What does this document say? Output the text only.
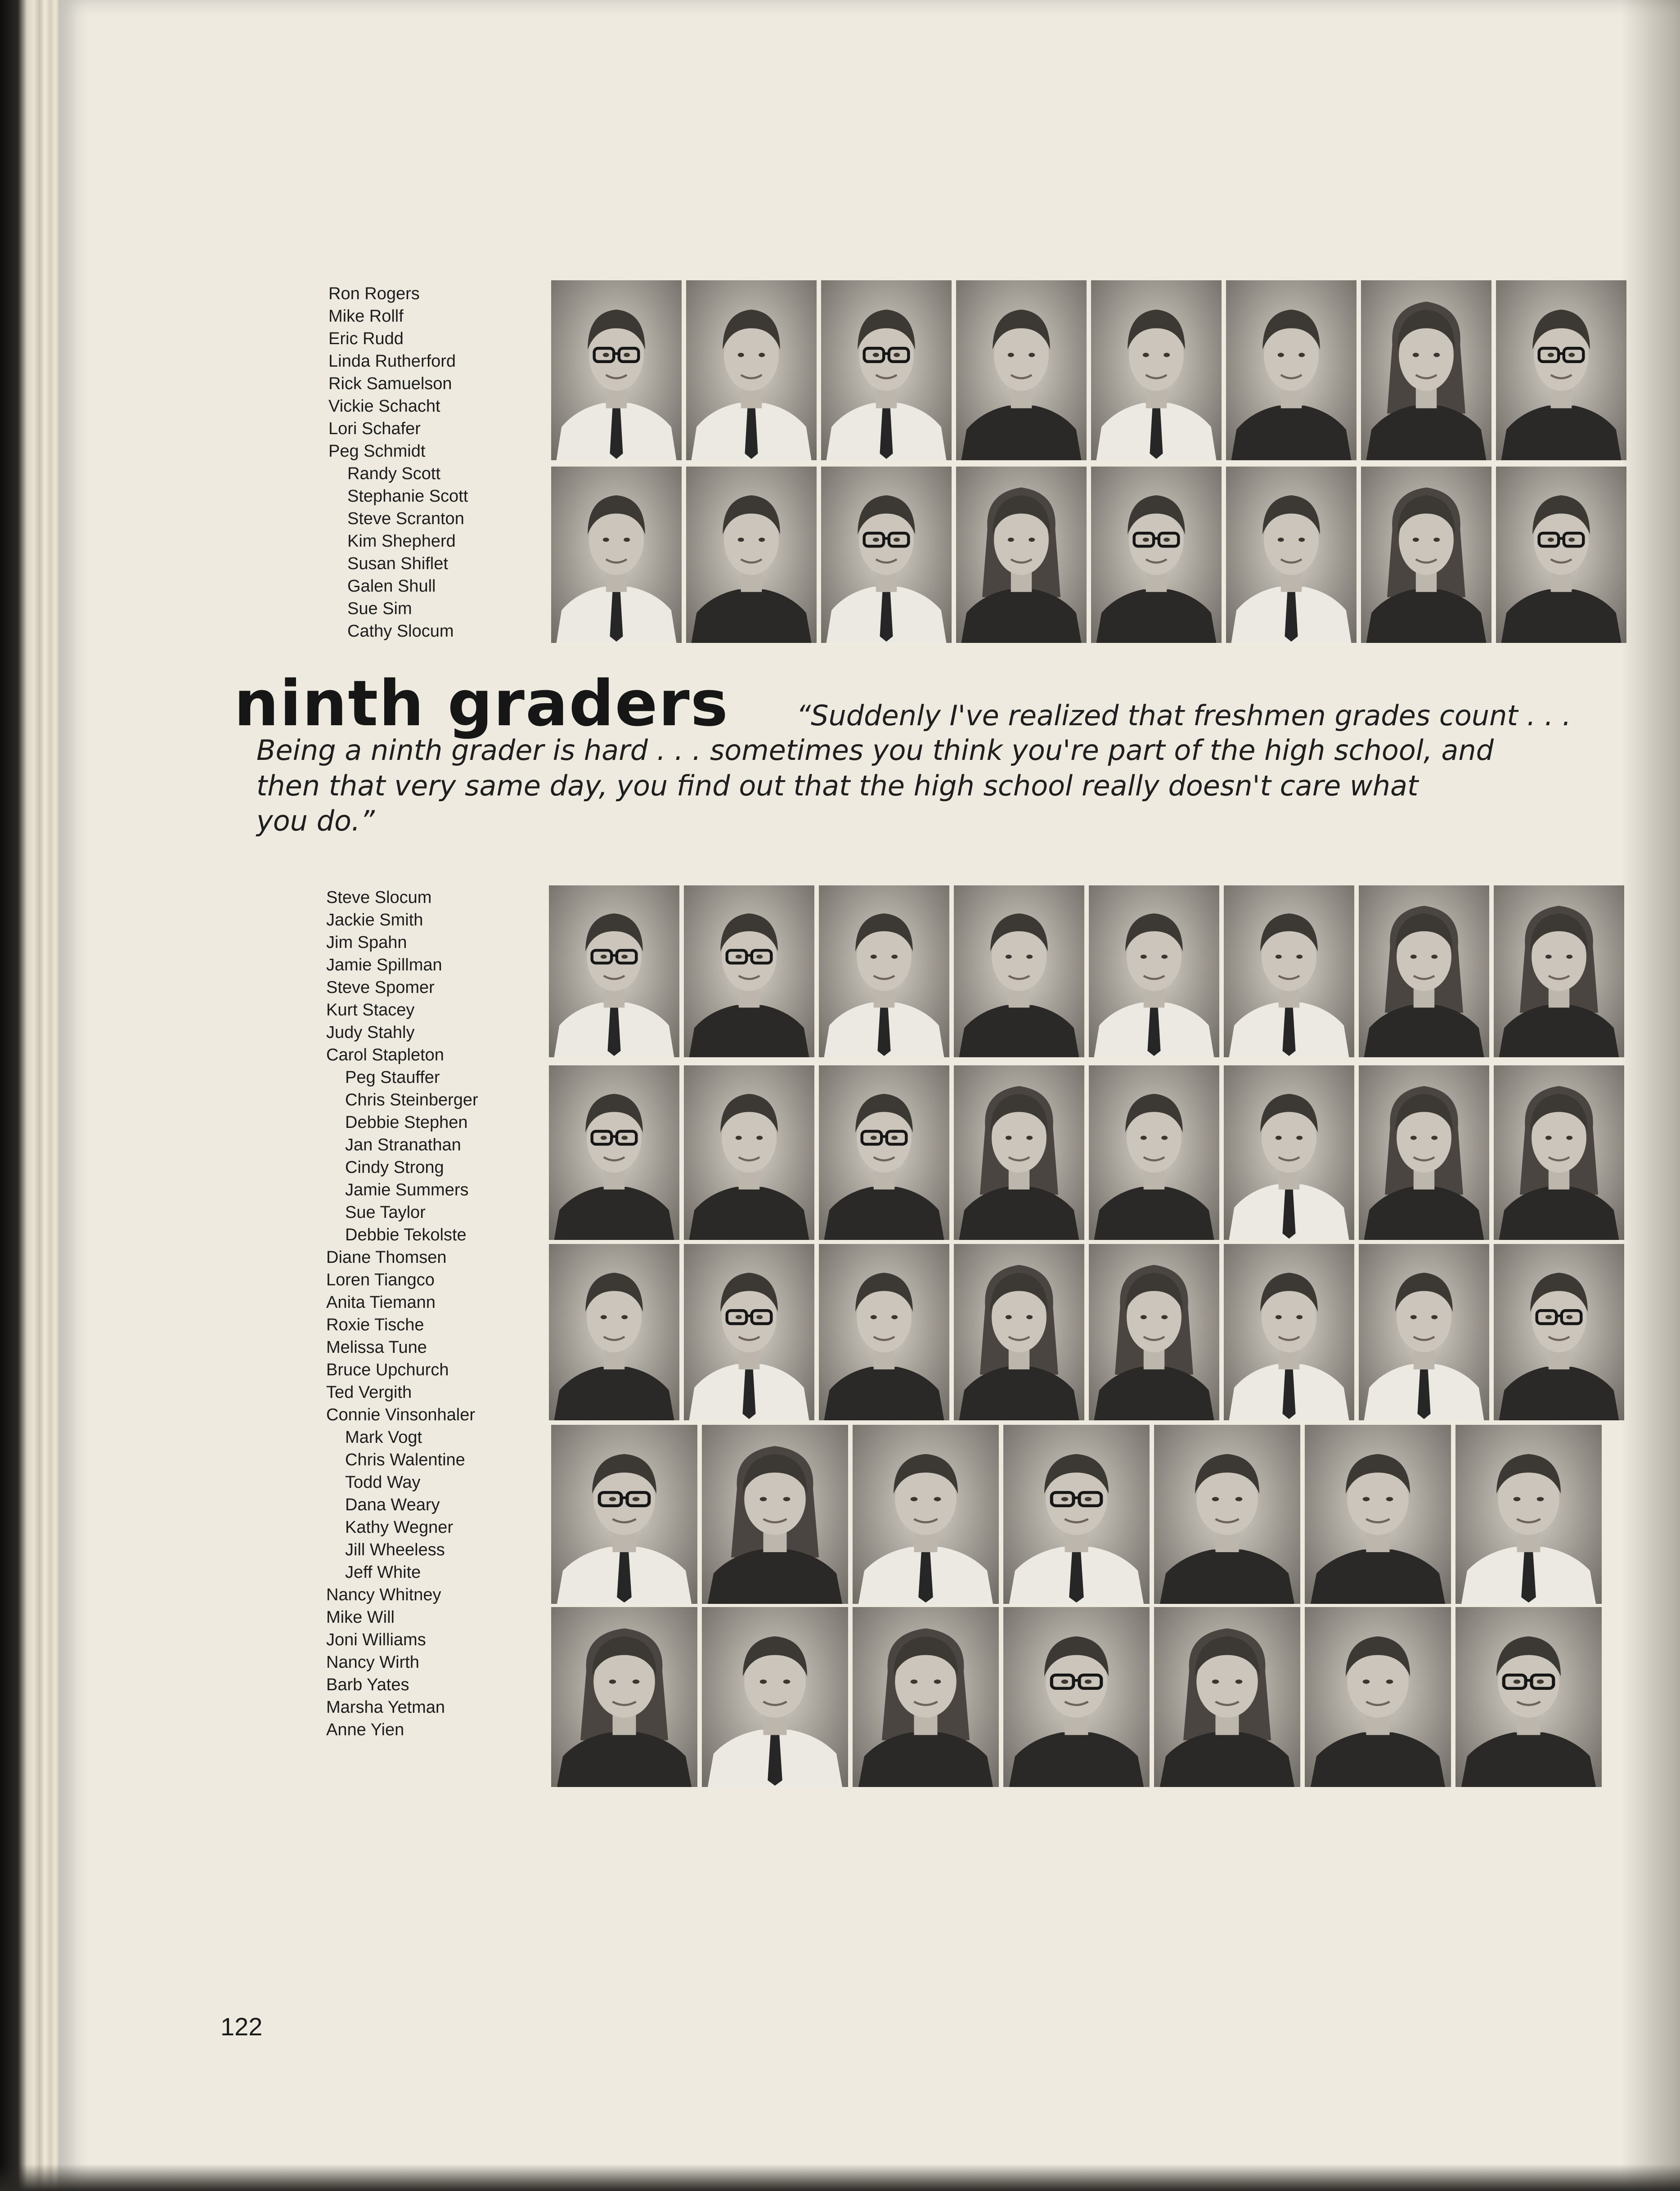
Ron Rogers
Mike Rollf
Eric Rudd
Linda Rutherford
Rick Samuelson
Vickie Schacht
Lori Schafer
Peg Schmidt
Randy Scott
Stephanie Scott
Steve Scranton
Kim Shepherd
Susan Shiflet
Galen Shull
Sue Sim
Cathy Slocum
ninth graders “Suddenly I've realized that freshmen grades count . . .
Being a ninth grader is hard . . . sometimes you think you're part of the high school, and
then that very same day, you find out that the high school really doesn't care what
you do.”
Steve Slocum
Jackie Smith
Jim Spahn
Jamie Spillman
Steve Spomer
Kurt Stacey
Judy Stahly
Carol Stapleton
Peg Stauffer
Chris Steinberger
Debbie Stephen
Jan Stranathan
Cindy Strong
Jamie Summers
Sue Taylor
Debbie Tekolste
Diane Thomsen
Loren Tiangco
Anita Tiemann
Roxie Tische
Melissa Tune
Bruce Upchurch
Ted Vergith
Connie Vinsonhaler
Mark Vogt
Chris Walentine
Todd Way
Dana Weary
Kathy Wegner
Jill Wheeless
Jeff White
Nancy Whitney
Mike Will
Joni Williams
Nancy Wirth
Barb Yates
Marsha Yetman
Anne Yien
122
